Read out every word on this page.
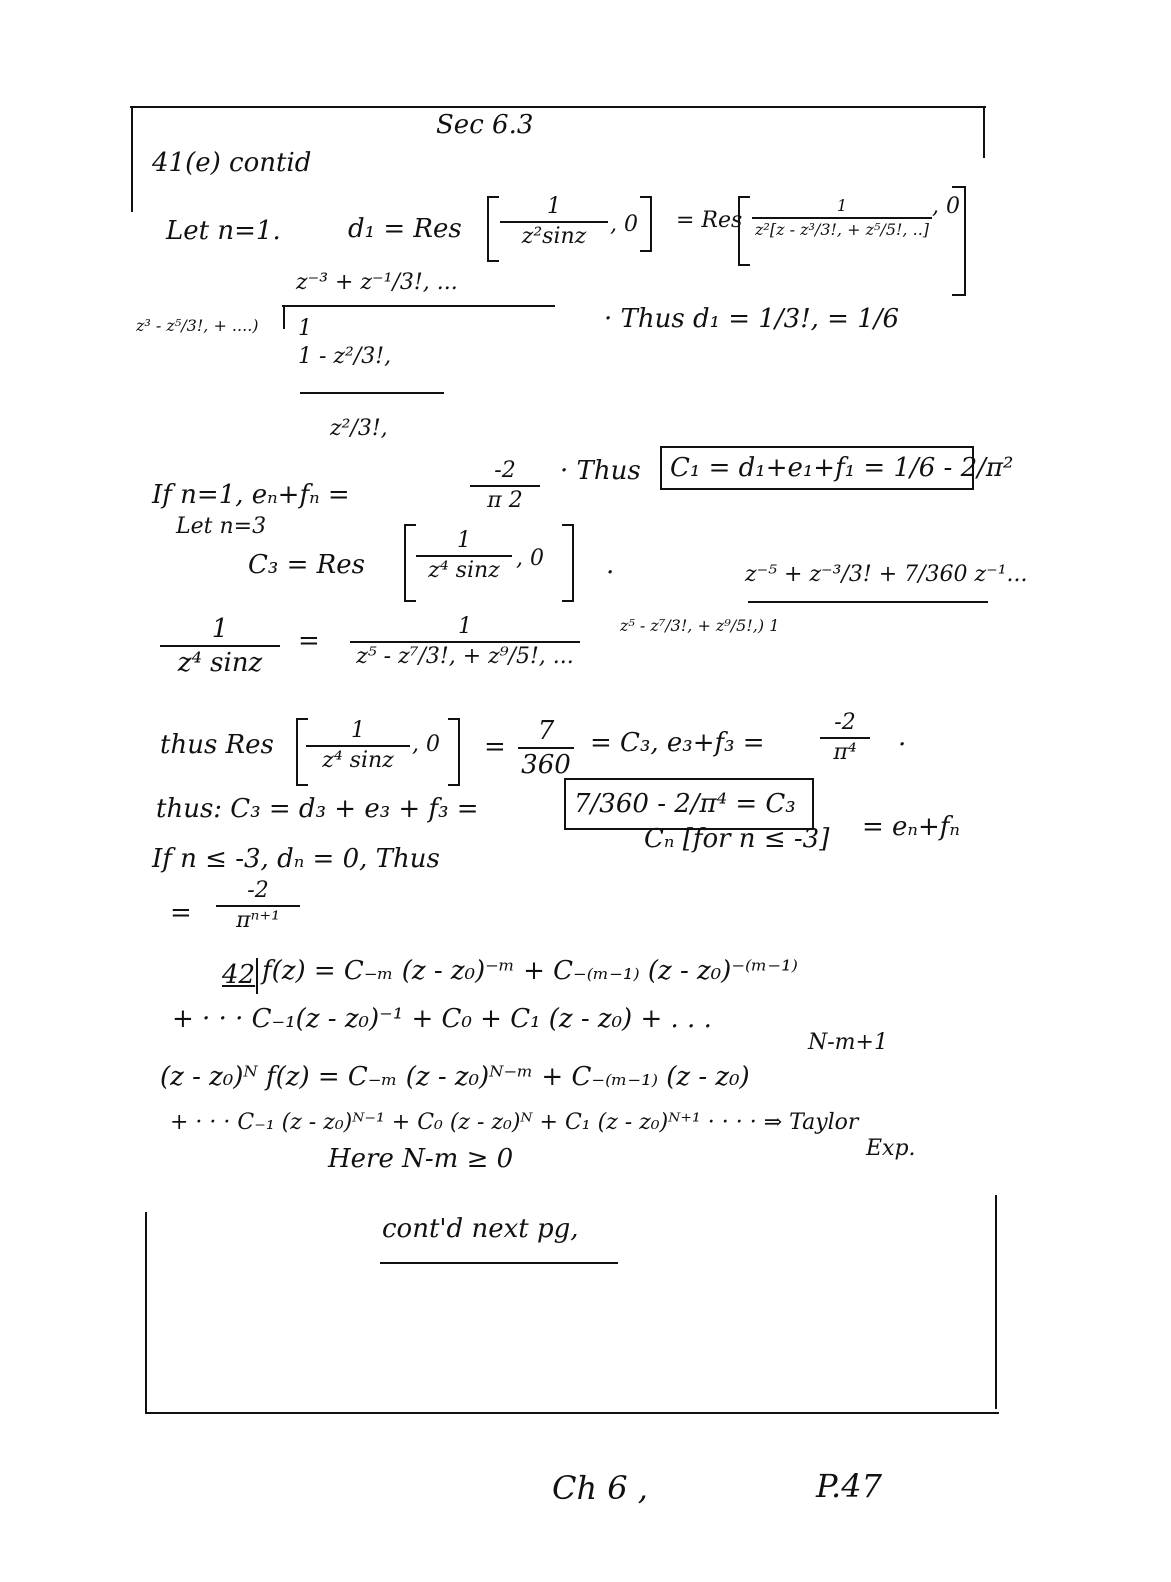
Sec 6.3
41(e) contid
Let n=1.	d₁ = Res
1
z²sinz	, 0 = Res
1
z²[z - z³/3!, + z⁵/5!, ..]
, 0
z⁻³ + z⁻¹/3!, ...
z³ - z⁵/3!, + ....) 1
1 - z²/3!,
z²/3!,
· Thus d₁ = 1/3!, = 1/6
If n=1, eₙ+fₙ =
-2
π 2
· Thus C₁ = d₁+e₁+f₁ = 1/6 - 2/π²
Let n=3
C₃ = Res
1
z⁴ sinz , 0 .	z⁻⁵ + z⁻³/3! + 7/360 z⁻¹...
z⁵ - z⁷/3!, + z⁹/5!,) 1
1
z⁴ sinz
=	1
z⁵ - z⁷/3!, + z⁹/5!, ...
thus Res	1
z⁴ sinz
, 0 =
7
360
= C₃, e₃+f₃ =
-2
π⁴
.
thus: C₃ = d₃ + e₃ + f₃ =	7/360 - 2/π⁴ = C₃
If n ≤ -3, dₙ = 0, Thus
Cₙ [for n ≤ -3] = eₙ+fₙ
=
-2
πⁿ⁺¹
42 f(z) = C₋ₘ (z - z₀)⁻ᵐ + C₋₍ₘ₋₁₎ (z - z₀)⁻⁽ᵐ⁻¹⁾
+ · · · C₋₁(z - z₀)⁻¹ + C₀ + C₁ (z - z₀) + . . .
N-m+1
(z - z₀)ᴺ f(z) = C₋ₘ (z - z₀)ᴺ⁻ᵐ + C₋₍ₘ₋₁₎ (z - z₀)
+ · · · C₋₁ (z - z₀)ᴺ⁻¹ + C₀ (z - z₀)ᴺ + C₁ (z - z₀)ᴺ⁺¹ · · · · ⇒ Taylor
Exp.
Here N-m ≥ 0
cont'd next pg,
Ch 6 ,	P.47
